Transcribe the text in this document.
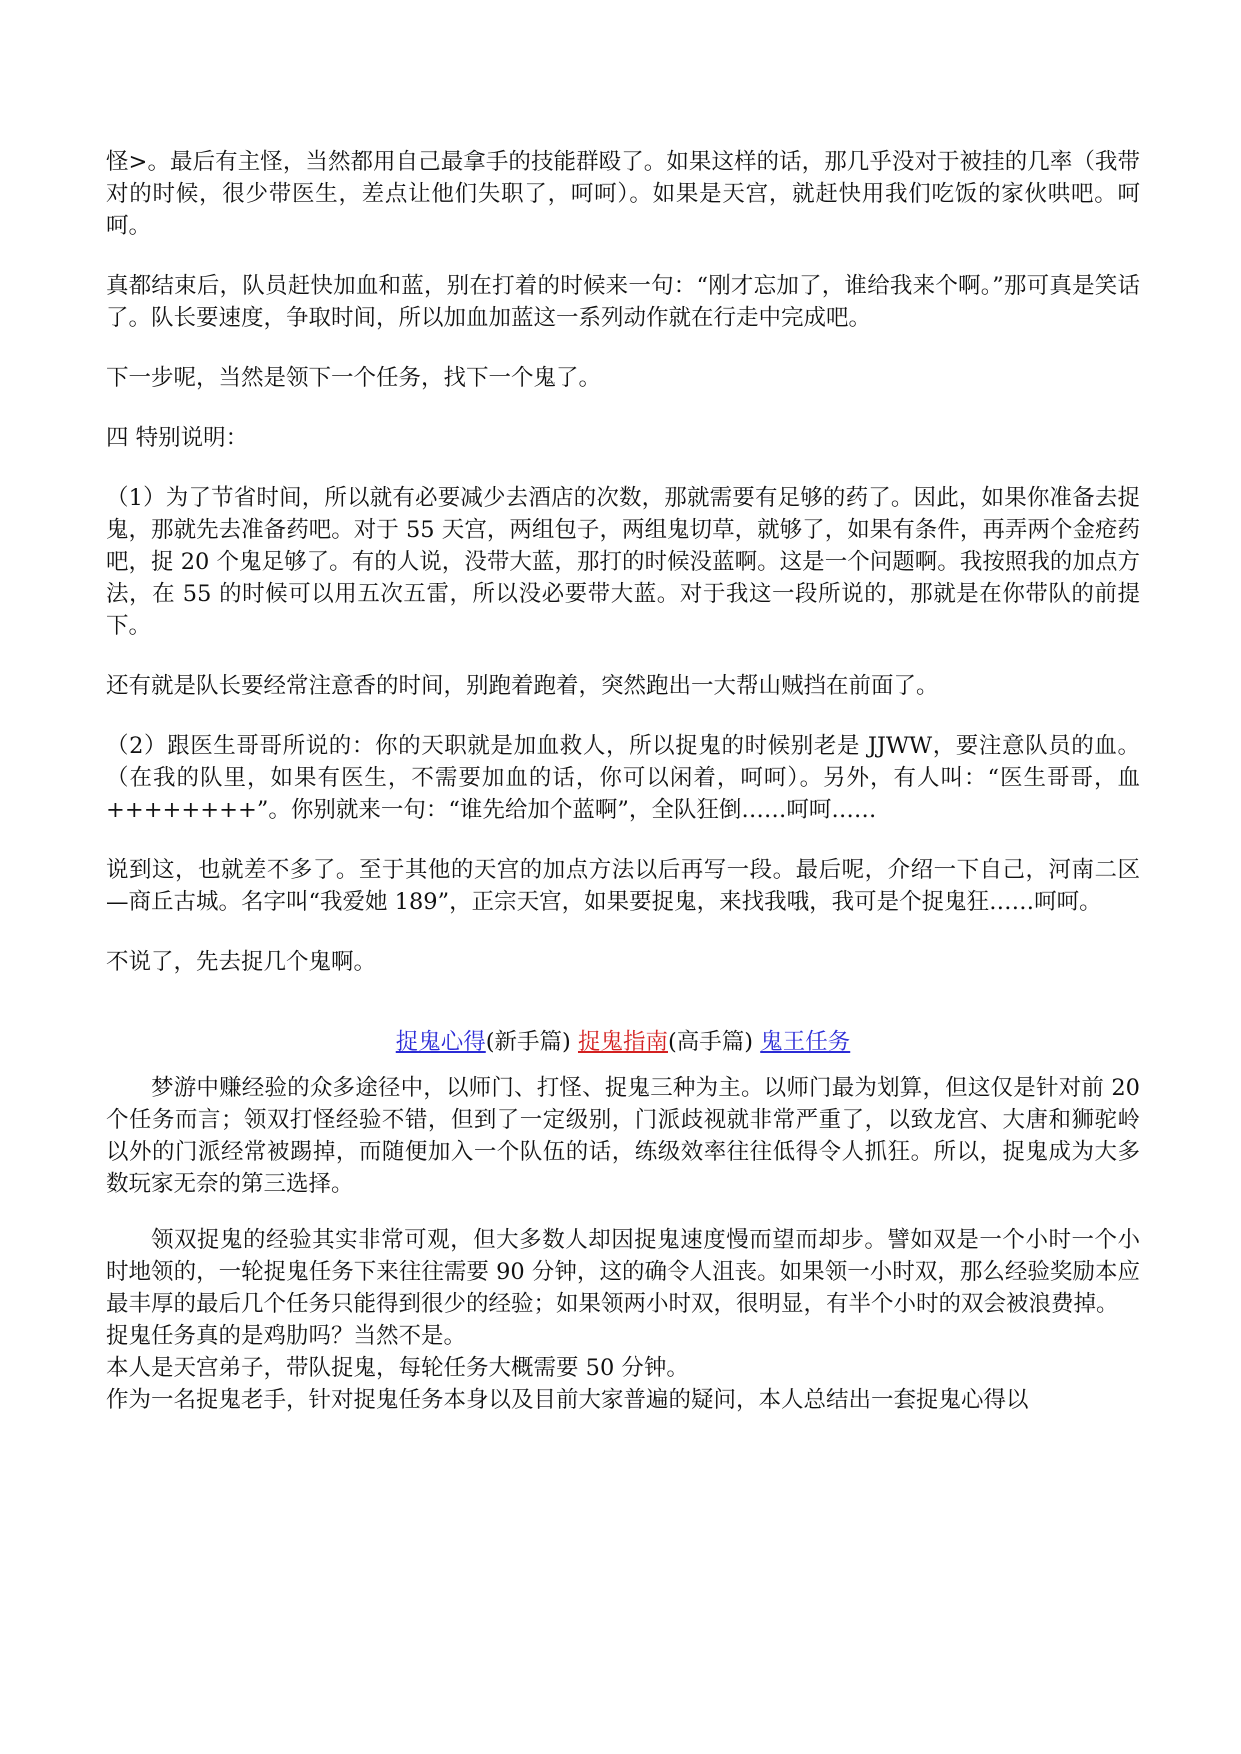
怪>。最后有主怪，当然都用自己最拿手的技能群殴了。如果这样的话，那几乎没对于被挂的几率（我带对的时候，很少带医生，差点让他们失职了，呵呵）。如果是天宫，就赶快用我们吃饭的家伙哄吧。呵呵。

真都结束后，队员赶快加血和蓝，别在打着的时候来一句：“刚才忘加了，谁给我来个啊。”那可真是笑话了。队长要速度，争取时间，所以加血加蓝这一系列动作就在行走中完成吧。

下一步呢，当然是领下一个任务，找下一个鬼了。

四 特别说明：

（1）为了节省时间，所以就有必要减少去酒店的次数，那就需要有足够的药了。因此，如果你准备去捉鬼，那就先去准备药吧。对于 55 天宫，两组包子，两组鬼切草，就够了，如果有条件，再弄两个金疮药吧，捉 20 个鬼足够了。有的人说，没带大蓝，那打的时候没蓝啊。这是一个问题啊。我按照我的加点方法，在 55 的时候可以用五次五雷，所以没必要带大蓝。对于我这一段所说的，那就是在你带队的前提下。

还有就是队长要经常注意香的时间，别跑着跑着，突然跑出一大帮山贼挡在前面了。

（2）跟医生哥哥所说的：你的天职就是加血救人，所以捉鬼的时候别老是 JJWW，要注意队员的血。（在我的队里，如果有医生，不需要加血的话，你可以闲着，呵呵）。另外，有人叫：“医生哥哥，血++++++++”。你别就来一句：“谁先给加个蓝啊”，全队狂倒……呵呵……

说到这，也就差不多了。至于其他的天宫的加点方法以后再写一段。最后呢，介绍一下自己，河南二区—商丘古城。名字叫“我爱她 189”，正宗天宫，如果要捉鬼，来找我哦，我可是个捉鬼狂……呵呵。

不说了，先去捉几个鬼啊。

捉鬼心得(新手篇) 捉鬼指南(高手篇) 鬼王任务

梦游中赚经验的众多途径中，以师门、打怪、捉鬼三种为主。以师门最为划算，但这仅是针对前 20 个任务而言；领双打怪经验不错，但到了一定级别，门派歧视就非常严重了，以致龙宫、大唐和狮驼岭以外的门派经常被踢掉，而随便加入一个队伍的话，练级效率往往低得令人抓狂。所以，捉鬼成为大多数玩家无奈的第三选择。

领双捉鬼的经验其实非常可观，但大多数人却因捉鬼速度慢而望而却步。譬如双是一个小时一个小时地领的，一轮捉鬼任务下来往往需要 90 分钟，这的确令人沮丧。如果领一小时双，那么经验奖励本应最丰厚的最后几个任务只能得到很少的经验；如果领两小时双，很明显，有半个小时的双会被浪费掉。

捉鬼任务真的是鸡肋吗？当然不是。

本人是天宫弟子，带队捉鬼，每轮任务大概需要 50 分钟。

作为一名捉鬼老手，针对捉鬼任务本身以及目前大家普遍的疑问，本人总结出一套捉鬼心得以
